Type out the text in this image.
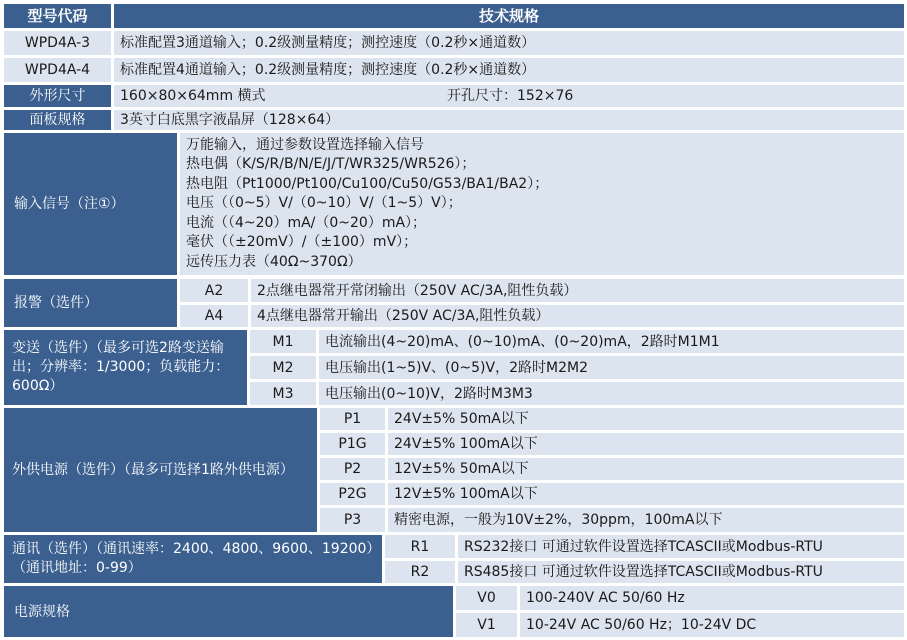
型号代码	技术规格
WPD4A-3	标准配置3通道输入；0.2级测量精度；测控速度（0.2秒×通道数）
WPD4A-4	标准配置4通道输入；0.2级测量精度；测控速度（0.2秒×通道数）
外形尺寸	160×80×64mm 横式	开孔尺寸：152×76
面板规格	3英寸白底黑字液晶屏（128×64）
输入信号（注①）
万能输入，通过参数设置选择输入信号
热电偶（K/S/R/B/N/E/J/T/WR325/WR526）；
热电阻（Pt1000/Pt100/Cu100/Cu50/G53/BA1/BA2）；
电压（（0~5）V/（0~10）V/（1~5）V）；
电流（（4~20）mA/（0~20）mA）；
毫伏（（±20mV）/（±100）mV）；
远传压力表（40Ω~370Ω）
报警（选件）
A2	2点继电器常开常闭输出（250V AC/3A,阻性负载）
A4	4点继电器常开输出（250V AC/3A,阻性负载）
变送（选件）（最多可选2路变送输出；分辨率：1/3000；负载能力：600Ω）
M1	电流输出(4~20)mA、(0~10)mA、(0~20)mA，2路时M1M1
M2	电压输出(1~5)V、(0~5)V，2路时M2M2
M3	电压输出(0~10)V，2路时M3M3
外供电源（选件）（最多可选择1路外供电源）
P1	24V±5% 50mA以下
P1G	24V±5% 100mA以下
P2	12V±5% 50mA以下
P2G	12V±5% 100mA以下
P3	精密电源，一般为10V±2%，30ppm，100mA以下
通讯（选件）（通讯速率：2400、4800、9600、19200）（通讯地址：0-99）
R1	RS232接口 可通过软件设置选择TCASCII或Modbus-RTU
R2	RS485接口 可通过软件设置选择TCASCII或Modbus-RTU
电源规格
V0	100-240V AC 50/60 Hz
V1	10-24V AC 50/60 Hz；10-24V DC
